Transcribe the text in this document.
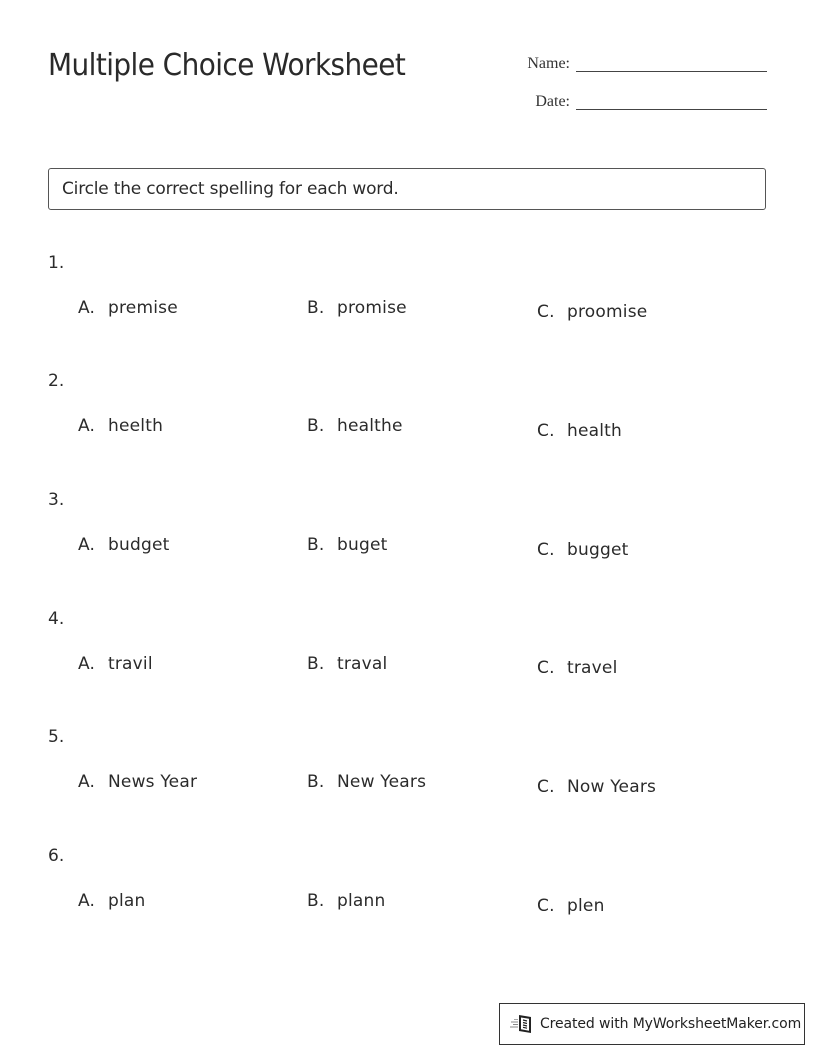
Multiple Choice Worksheet	Name:
Date:
Circle the correct spelling for each word.
1.
A. premise	B. promise	C. proomise
2.
A. heelth	B. healthe	C. health
3.
A. budget	B. buget	C. bugget
4.
A. travil	B. traval	C. travel
5.
A. News Year	B. New Years	C. Now Years
6.
A. plan	B. plann	C. plen
Created with MyWorksheetMaker.com
